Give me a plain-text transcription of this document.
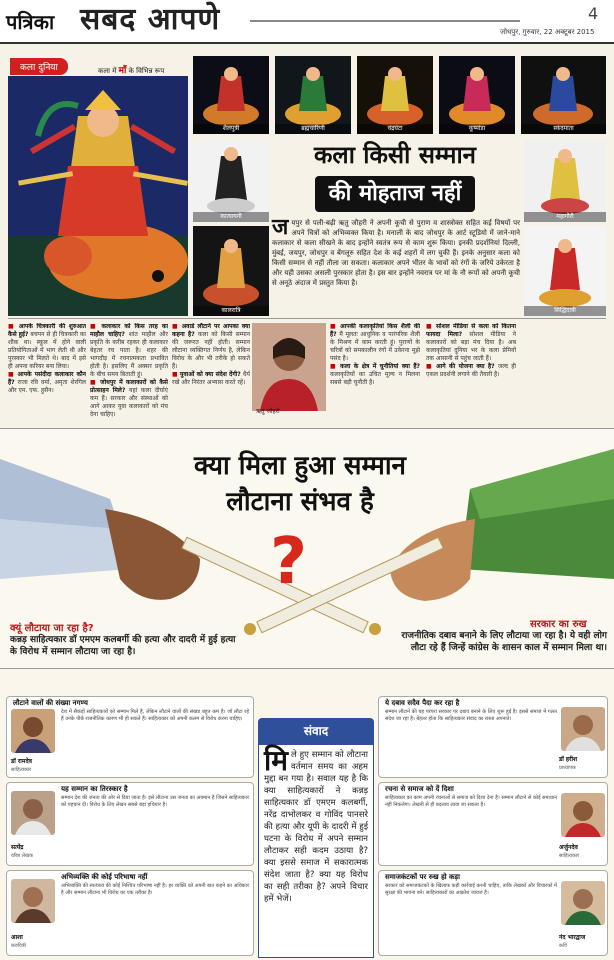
पत्रिका सबद आपणे	जोधपुर, गुरुवार, 22 अक्टूबर 2015
4
कला दुनिया	कला में माँ के विभिन्न रूप
शैलपुत्री	ब्रह्मचारिणी	चंद्रघंटा	कूष्मांडा	स्कंदमाता
कात्यायनी
कालरात्रि
महागौरी
सिद्धिदात्री
कला किसी सम्मान
की मोहताज नहीं
जयपुर से पली-बढ़ी ऋतु जौहरी ने अपनी कूची से पुराण व शास्त्रोक्त सहित कई विषयों पर अपने चित्रों को अभिव्यक्त किया है। मनाली के बाद जोधपुर के आर्ट स्टूडियो में जाने-माने कलाकार से कला सीखने के बाद इन्होंने स्वतंत्र रूप से काम शुरू किया। इनकी प्रदर्शनियां दिल्ली, मुंबई, जयपुर, जोधपुर व बेंगलूरु सहित देश के कई शहरों में लग चुकी हैं। इनके अनुसार कला को किसी सम्मान से नहीं तौला जा सकता। कलाकार अपने भीतर के भावों को रंगों के जरिये उकेरता है और यही उसका असली पुरस्कार होता है। इस बार इन्होंने नवरात्र पर मां के नौ रूपों को अपनी कूची से अनूठे अंदाज में प्रस्तुत किया है।
■ आपके चित्रकारी की शुरुआत कैसे हुई? बचपन से ही चित्रकारी का शौक था। स्कूल में होने वाली प्रतियोगिताओं में भाग लेती थी और पुरस्कार भी मिलते थे। बाद में इसे ही अपना करियर बना लिया।
■ आपके पसंदीदा कलाकार कौन हैं? राजा रवि वर्मा, अमृता शेरगिल और एम. एफ. हुसैन।
■ कलाकार को किस तरह का माहौल चाहिए? शांत माहौल और प्रकृति के करीब रहकर ही कलाकार बेहतर रच पाता है। शहर की भागदौड़ में रचनात्मकता प्रभावित होती है। इसलिए मैं अक्सर प्रकृति के बीच समय बिताती हूं।
■ जोधपुर में कलाकारों को कैसे प्रोत्साहन मिले? यहां कला दीर्घाएं कम हैं। सरकार और संस्थाओं को आगे आकर युवा कलाकारों को मंच देना चाहिए।
■ अवार्ड लौटाने पर आपका क्या कहना है? कला को किसी सम्मान की जरूरत नहीं होती। सम्मान लौटाना व्यक्तिगत निर्णय है, लेकिन विरोध के और भी तरीके हो सकते हैं।
■ युवाओं को क्या संदेश देंगी? धैर्य रखें और निरंतर अभ्यास करते रहें।
ऋतु जौहरी
■ आपकी कलाकृतियां किस शैली की हैं? मैं मूलतः आधुनिक व पारंपरिक शैली के मिश्रण में काम करती हूं। पुराणों के चरित्रों को समकालीन रंगों में उकेरना मुझे पसंद है।
■ कला के क्षेत्र में चुनौतियां क्या हैं? कलाकृतियों का उचित मूल्य न मिलना सबसे बड़ी चुनौती है।
■ सोशल मीडिया से कला को कितना फायदा मिला? सोशल मीडिया ने कलाकारों को बड़ा मंच दिया है। अब कलाकृतियां दुनिया भर के कला प्रेमियों तक आसानी से पहुंच जाती हैं।
■ आगे की योजना क्या है? जल्द ही एकल प्रदर्शनी लगाने की तैयारी है।
क्या मिला हुआ सम्मान
लौटाना संभव है
?
क्यूं लौटाया जा रहा है?
कन्नड़ साहित्यकार डॉ एमएम कलबर्गी की हत्या और दादरी में हुई हत्या के विरोध में सम्मान लौटाया जा रहा है।
सरकार का रुख
राजनीतिक दबाव बनाने के लिए लौटाया जा रहा है। ये वही लोग लौटा रहे हैं जिन्हें कांग्रेस के शासन काल में सम्मान मिला था।
लौटाने वालों की संख्या नगण्य
डॉ रामदेव
साहित्यकार
देश में सैकड़ों साहित्यकारों को सम्मान मिले हैं, लेकिन लौटाने वालों की संख्या बहुत कम है। जो लौटा रहे हैं उनके पीछे राजनीतिक कारण भी हो सकते हैं। साहित्यकार को अपनी कलम से विरोध करना चाहिए।
यह सम्मान का तिरस्कार है
सत्येंद्र
वरिष्ठ लेखक
सम्मान देश की जनता की ओर से दिया जाता है। इसे लौटाना उस जनता का अपमान है जिसने साहित्यकार को पहचान दी। विरोध के लिए लेखन सबसे बड़ा हथियार है।
अभिव्यक्ति की कोई परिभाषा नहीं
आशा
कवयित्री
अभिव्यक्ति की स्वतंत्रता की कोई निश्चित परिभाषा नहीं है। हर व्यक्ति को अपनी बात कहने का अधिकार है और सम्मान लौटाना भी विरोध का एक तरीका है।
संवाद
मिले हुए सम्मान को लौटाना वर्तमान समय का अहम मुद्दा बन गया है। सवाल यह है कि क्या साहित्यकारों ने कन्नड़ साहित्यकार डॉ एमएम कलबर्गी, नरेंद्र दाभोलकर व गोविंद पानसरे की हत्या और यूपी के दादरी में हुई घटना के विरोध में अपने सम्मान लौटाकर सही कदम उठाया है? क्या इससे समाज में सकारात्मक संदेश जाता है? क्या यह विरोध का सही तरीका है? अपने विचार हमें भेजें।
ये दबाव सदैव पैदा कर रहा है
डॉ हरीश
प्राध्यापक
सम्मान लौटाने की यह परंपरा सरकार पर दबाव बनाने के लिए शुरू हुई है। इससे समाज में गलत संदेश जा रहा है। बेहतर होता कि साहित्यकार संवाद का रास्ता अपनाते।
रचना से समाज को दें दिशा
अर्जुनदेव
साहित्यकार
साहित्यकार का काम अपनी रचनाओं से समाज को दिशा देना है। सम्मान लौटाने से कोई समाधान नहीं निकलेगा। लेखनी से ही बदलाव लाया जा सकता है।
समाजकंटकों पर रुख हो कड़ा
नंद भारद्वाज
कवि
सरकार को समाजकंटकों के खिलाफ कड़ी कार्रवाई करनी चाहिए, ताकि लेखकों और विचारकों में सुरक्षा की भावना बने। साहित्यकारों का आक्रोश जायज है।
